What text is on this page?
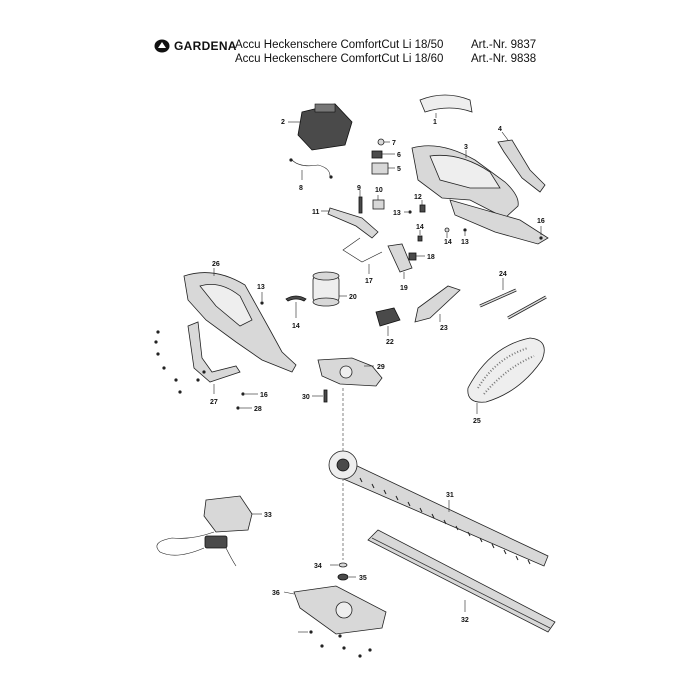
GARDENA
Accu Heckenschere ComfortCut Li 18/50
Accu Heckenschere ComfortCut Li 18/60
Art.-Nr. 9837
Art.-Nr. 9838
1
2
5
6
7
3
4
8	9 10
11
12
13
13
13
14
14
16
17
18
19
20
14
22
23
24
25
26
27
16
28
29
30
31
32
33
34
35
36
